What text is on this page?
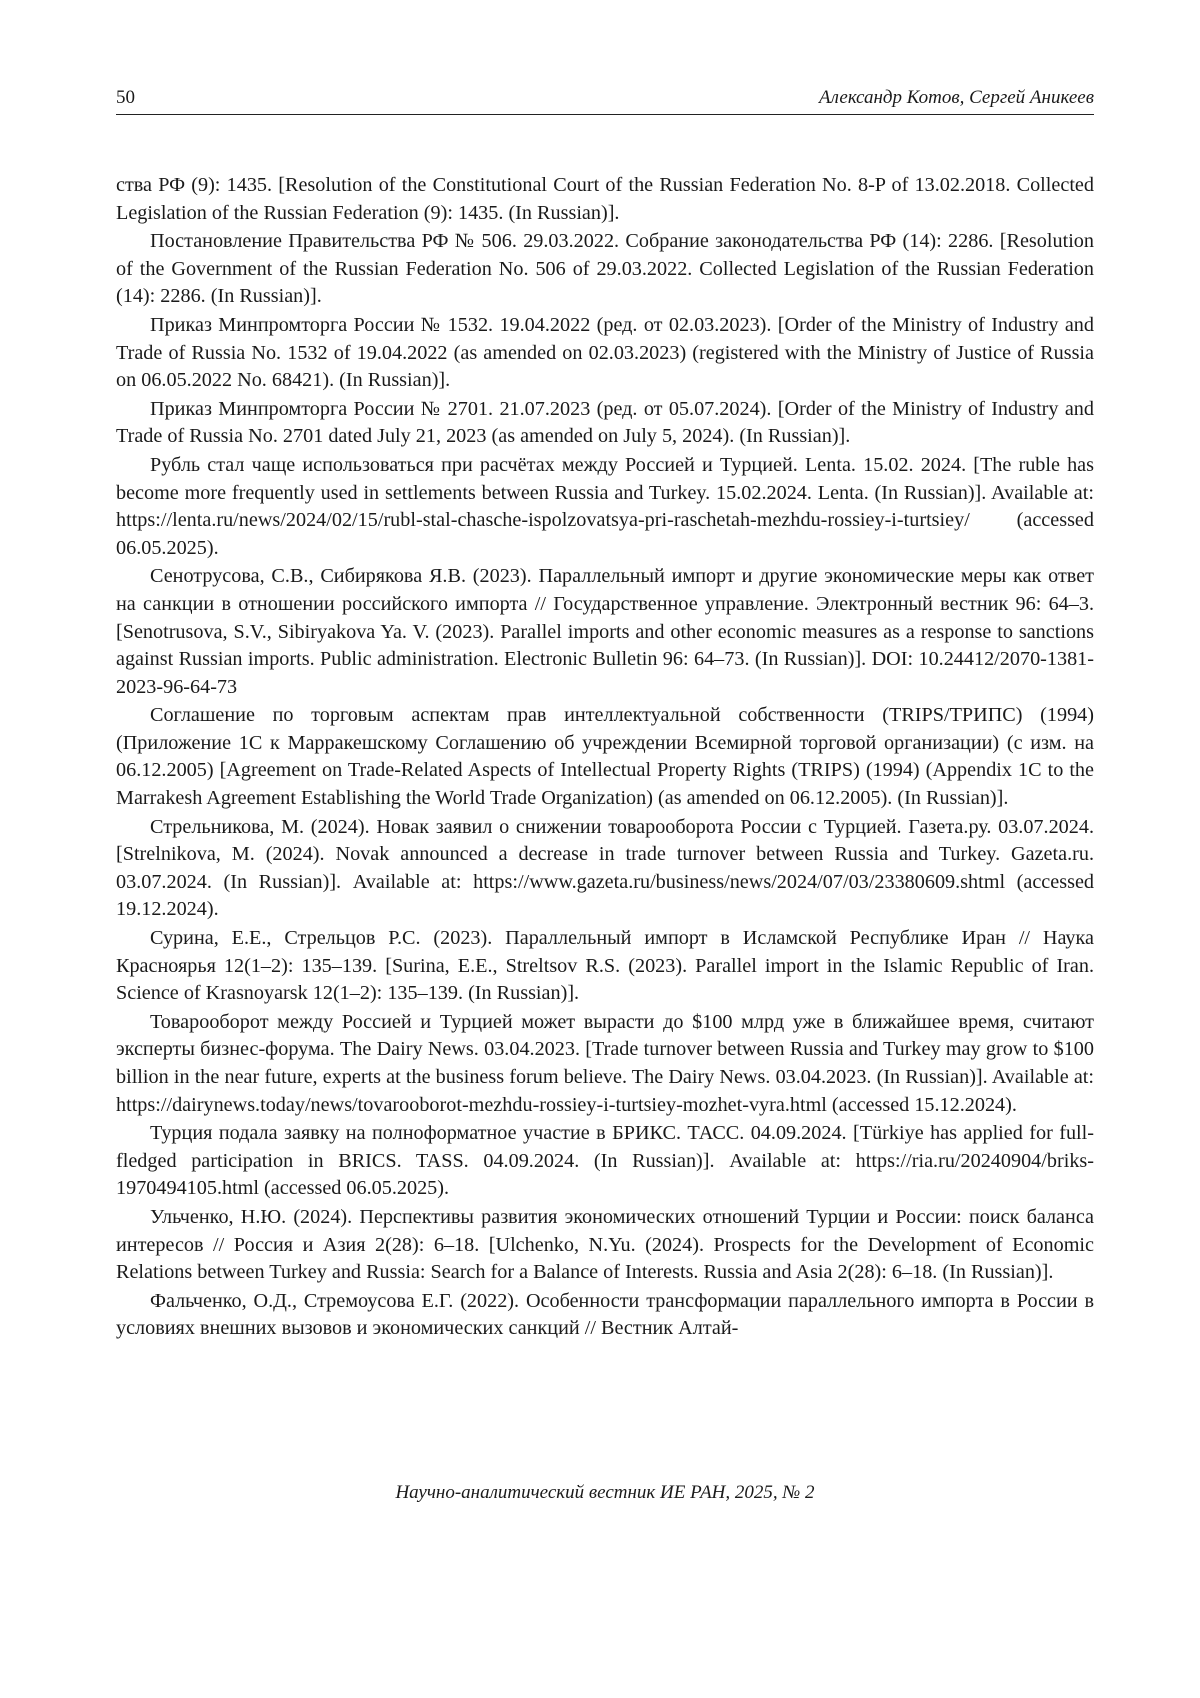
50	Александр Котов, Сергей Аникеев

ства РФ (9): 1435. [Resolution of the Constitutional Court of the Russian Federation No. 8-P of 13.02.2018. Collected Legislation of the Russian Federation (9): 1435. (In Russian)].

Постановление Правительства РФ № 506. 29.03.2022. Собрание законодательства РФ (14): 2286. [Resolution of the Government of the Russian Federation No. 506 of 29.03.2022. Collected Legislation of the Russian Federation (14): 2286. (In Russian)].

Приказ Минпромторга России № 1532. 19.04.2022 (ред. от 02.03.2023). [Order of the Ministry of Industry and Trade of Russia No. 1532 of 19.04.2022 (as amended on 02.03.2023) (registered with the Ministry of Justice of Russia on 06.05.2022 No. 68421). (In Russian)].

Приказ Минпромторга России № 2701. 21.07.2023 (ред. от 05.07.2024). [Order of the Ministry of Industry and Trade of Russia No. 2701 dated July 21, 2023 (as amended on July 5, 2024). (In Russian)].

Рубль стал чаще использоваться при расчётах между Россией и Турцией. Lenta. 15.02. 2024. [The ruble has become more frequently used in settlements between Russia and Turkey. 15.02.2024. Lenta. (In Russian)]. Available at: https://lenta.ru/news/2024/02/15/rubl-stal-chasche-​ispolzovatsya-pri-raschetah-mezhdu-rossiey-i-turtsiey/ (accessed 06.05.2025).

Сенотрусова, С.В., Сибирякова Я.В. (2023). Параллельный импорт и другие экономические меры как ответ на санкции в отношении российского импорта // Государственное управление. Электронный вестник 96: 64–3. [Senotrusova, S.V., Sibiryakova Ya. V. (2023). Parallel imports and other economic measures as a response to sanctions against Russian imports. Public administration. Electronic Bulletin 96: 64–73. (In Russian)]. DOI: 10.24412/2070-1381-2023-96-64-73

Соглашение по торговым аспектам прав интеллектуальной собственности (TRIPS/ТРИПС) (1994) (Приложение 1C к Марракешскому Соглашению об учреждении Всемирной торговой организации) (с изм. на 06.12.2005) [Agreement on Trade-Related Aspects of Intellectual Property Rights (TRIPS) (1994) (Appendix 1C to the Marrakesh Agreement Establishing the World Trade Organization) (as amended on 06.12.2005). (In Russian)].

Стрельникова, М. (2024). Новак заявил о снижении товарооборота России с Турцией. Газета.ру. 03.07.2024. [Strelnikova, M. (2024). Novak announced a decrease in trade turnover between Russia and Turkey. Gazeta.ru. 03.07.2024. (In Russian)]. Available at: https://www.gazeta.ru/business/news/2024/07/03/23380609.shtml (accessed 19.12.2024).

Сурина, Е.Е., Стрельцов Р.С. (2023). Параллельный импорт в Исламской Республике Иран // Наука Красноярья 12(1–2): 135–139. [Surina, E.E., Streltsov R.S. (2023). Parallel import in the Islamic Republic of Iran. Science of Krasnoyarsk 12(1–2): 135–139. (In Russian)].

Товарооборот между Россией и Турцией может вырасти до $100 млрд уже в ближайшее время, считают эксперты бизнес-форума. The Dairy News. 03.04.2023. [Trade turnover between Russia and Turkey may grow to $100 billion in the near future, experts at the business forum believe. The Dairy News. 03.04.2023. (In Russian)]. Available at: https://dairynews.today/news/tovaro​oborot-mezhdu-rossiey-i-turtsiey-mozhet-vyra.html (accessed 15.12.2024).

Турция подала заявку на полноформатное участие в БРИКС. ТАСС. 04.09.2024. [Türkiye has applied for full-fledged participation in BRICS. TASS. 04.09.2024. (In Russian)]. Available at: https://ria.ru/20240904/briks-1970494105.html (accessed 06.05.2025).

Ульченко, Н.Ю. (2024). Перспективы развития экономических отношений Турции и России: поиск баланса интересов // Россия и Азия 2(28): 6–18. [Ulchenko, N.Yu. (2024). Prospects for the Development of Economic Relations between Turkey and Russia: Search for a Balance of Interests. Russia and Asia 2(28): 6–18. (In Russian)].

Фальченко, О.Д., Стремоусова Е.Г. (2022). Особенности трансформации параллельного импорта в России в условиях внешних вызовов и экономических санкций // Вестник Алтай-

Научно-аналитический вестник ИЕ РАН, 2025, № 2
